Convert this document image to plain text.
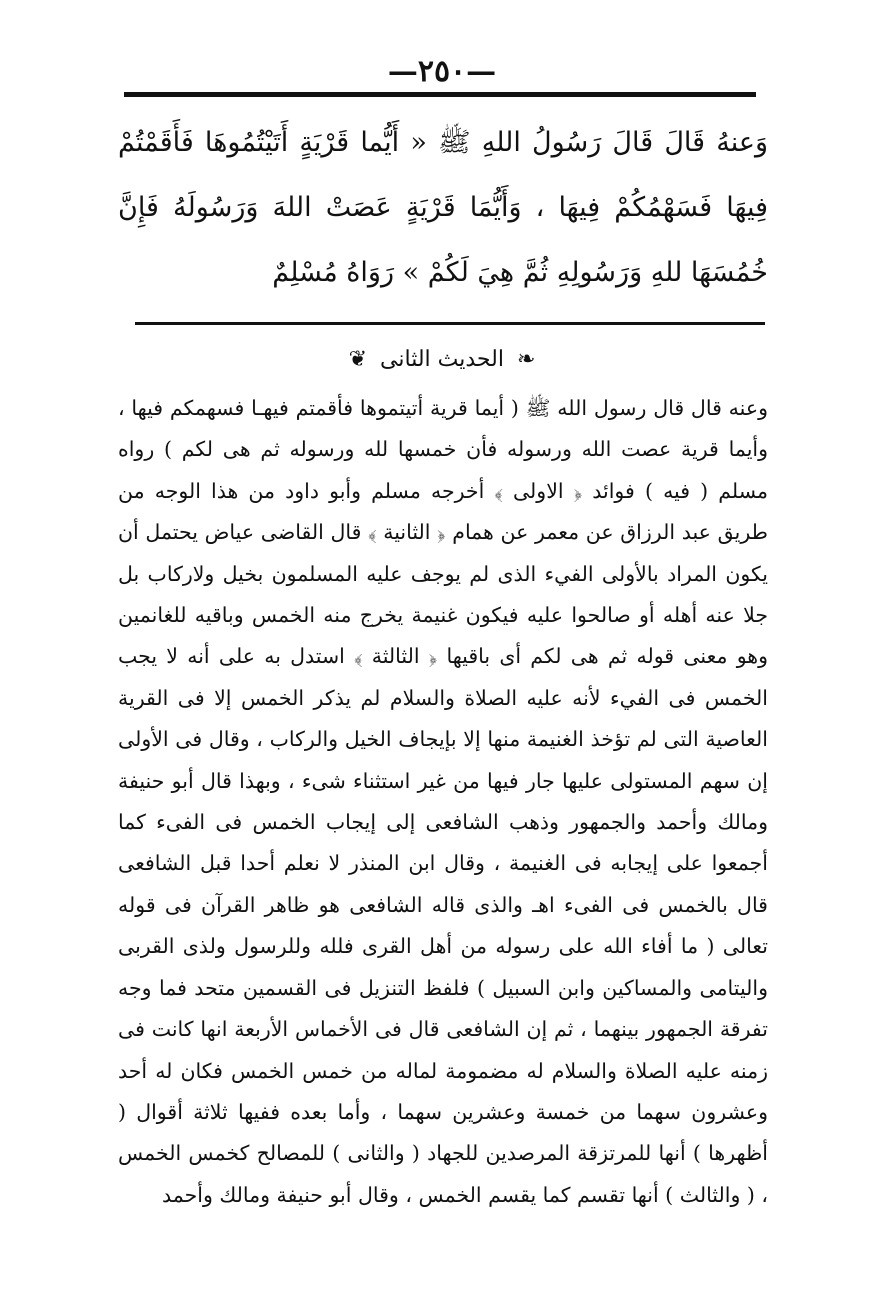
—٢٥٠—
وَعنهُ قَالَ قَالَ رَسُولُ اللهِ ﷺ « أَيُّما قَرْيَةٍ أَتَيْتُمُوهَا فَأَقَمْتُمْ فِيهَا فَسَهْمُكُمْ فِيهَا ، وَأَيُّمَا قَرْيَةٍ عَصَتْ اللهَ وَرَسُولَهُ فَإِنَّ خُمُسَهَا للهِ وَرَسُولِهِ ثُمَّ هِيَ لَكُمْ » رَوَاهُ مُسْلِمٌ
❧ الحديث الثانى ❦

وعنه قال قال رسول الله ﷺ ( أيما قرية أتيتموها فأقمتم فيهـا فسهمكم فيها ، وأيما قرية عصت الله ورسوله فأن خمسها لله ورسوله ثم هى لكم ) رواه مسلم ( فيه ) فوائد ﴿ الاولى ﴾ أخرجه مسلم وأبو داود من هذا الوجه من طريق عبد الرزاق عن معمر عن همام ﴿ الثانية ﴾ قال القاضى عياض يحتمل أن يكون المراد بالأولى الفيء الذى لم يوجف عليه المسلمون بخيل ولاركاب بل جلا عنه أهله أو صالحوا عليه فيكون غنيمة يخرج منه الخمس وباقيه للغانمين وهو معنى قوله ثم هى لكم أى باقيها ﴿ الثالثة ﴾ استدل به على أنه لا يجب الخمس فى الفيء لأنه عليه الصلاة والسلام لم يذكر الخمس إلا فى القرية العاصية التى لم تؤخذ الغنيمة منها إلا بإيجاف الخيل والركاب ، وقال فى الأولى إن سهم المستولى عليها جار فيها من غير استثناء شىء ، وبهذا قال أبو حنيفة ومالك وأحمد والجمهور وذهب الشافعى إلى إيجاب الخمس فى الفىء كما أجمعوا على إيجابه فى الغنيمة ، وقال ابن المنذر لا نعلم أحدا قبل الشافعى قال بالخمس فى الفىء اهـ والذى قاله الشافعى هو ظاهر القرآن فى قوله تعالى ( ما أفاء الله على رسوله من أهل القرى فلله وللرسول ولذى القربى واليتامى والمساكين وابن السبيل ) فلفظ التنزيل فى القسمين متحد فما وجه تفرقة الجمهور بينهما ، ثم إن الشافعى قال فى الأخماس الأربعة انها كانت فى زمنه عليه الصلاة والسلام له مضمومة لماله من خمس الخمس فكان له أحد وعشرون سهما من خمسة وعشرين سهما ، وأما بعده ففيها ثلاثة أقوال ( أظهرها ) أنها للمرتزقة المرصدين للجهاد ( والثانى ) للمصالح كخمس الخمس ، ( والثالث ) أنها تقسم كما يقسم الخمس ، وقال أبو حنيفة ومالك وأحمد
